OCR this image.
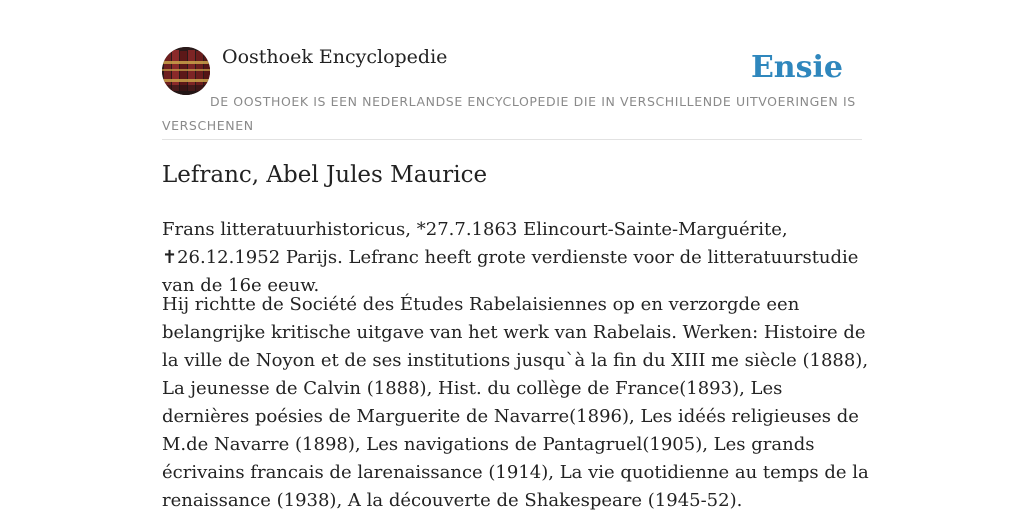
Oosthoek Encyclopedie	Ensie
DE OOSTHOEK IS EEN NEDERLANDSE ENCYCLOPEDIE DIE IN VERSCHILLENDE UITVOERINGEN IS VERSCHENEN
Lefranc, Abel Jules Maurice

Frans litteratuurhistoricus, *27.7.1863 Elincourt-Sainte-Marguérite, ✝26.12.1952 Parijs. Lefranc heeft grote verdienste voor de litteratuurstudie van de 16e eeuw.

Hij richtte de Société des Études Rabelaisiennes op en verzorgde een belangrijke kritische uitgave van het werk van Rabelais. Werken: Histoire de la ville de Noyon et de ses institutions jusqu`à la fin du XIII me siècle (1888), La jeunesse de Calvin (1888), Hist. du collège de France(1893), Les dernières poésies de Marguerite de Navarre(1896), Les idéés religieuses de M.de Navarre (1898), Les navigations de Pantagruel(1905), Les grands écrivains francais de larenaissance (1914), La vie quotidienne au temps de la renaissance (1938), A la découverte de Shakespeare (1945-52).
